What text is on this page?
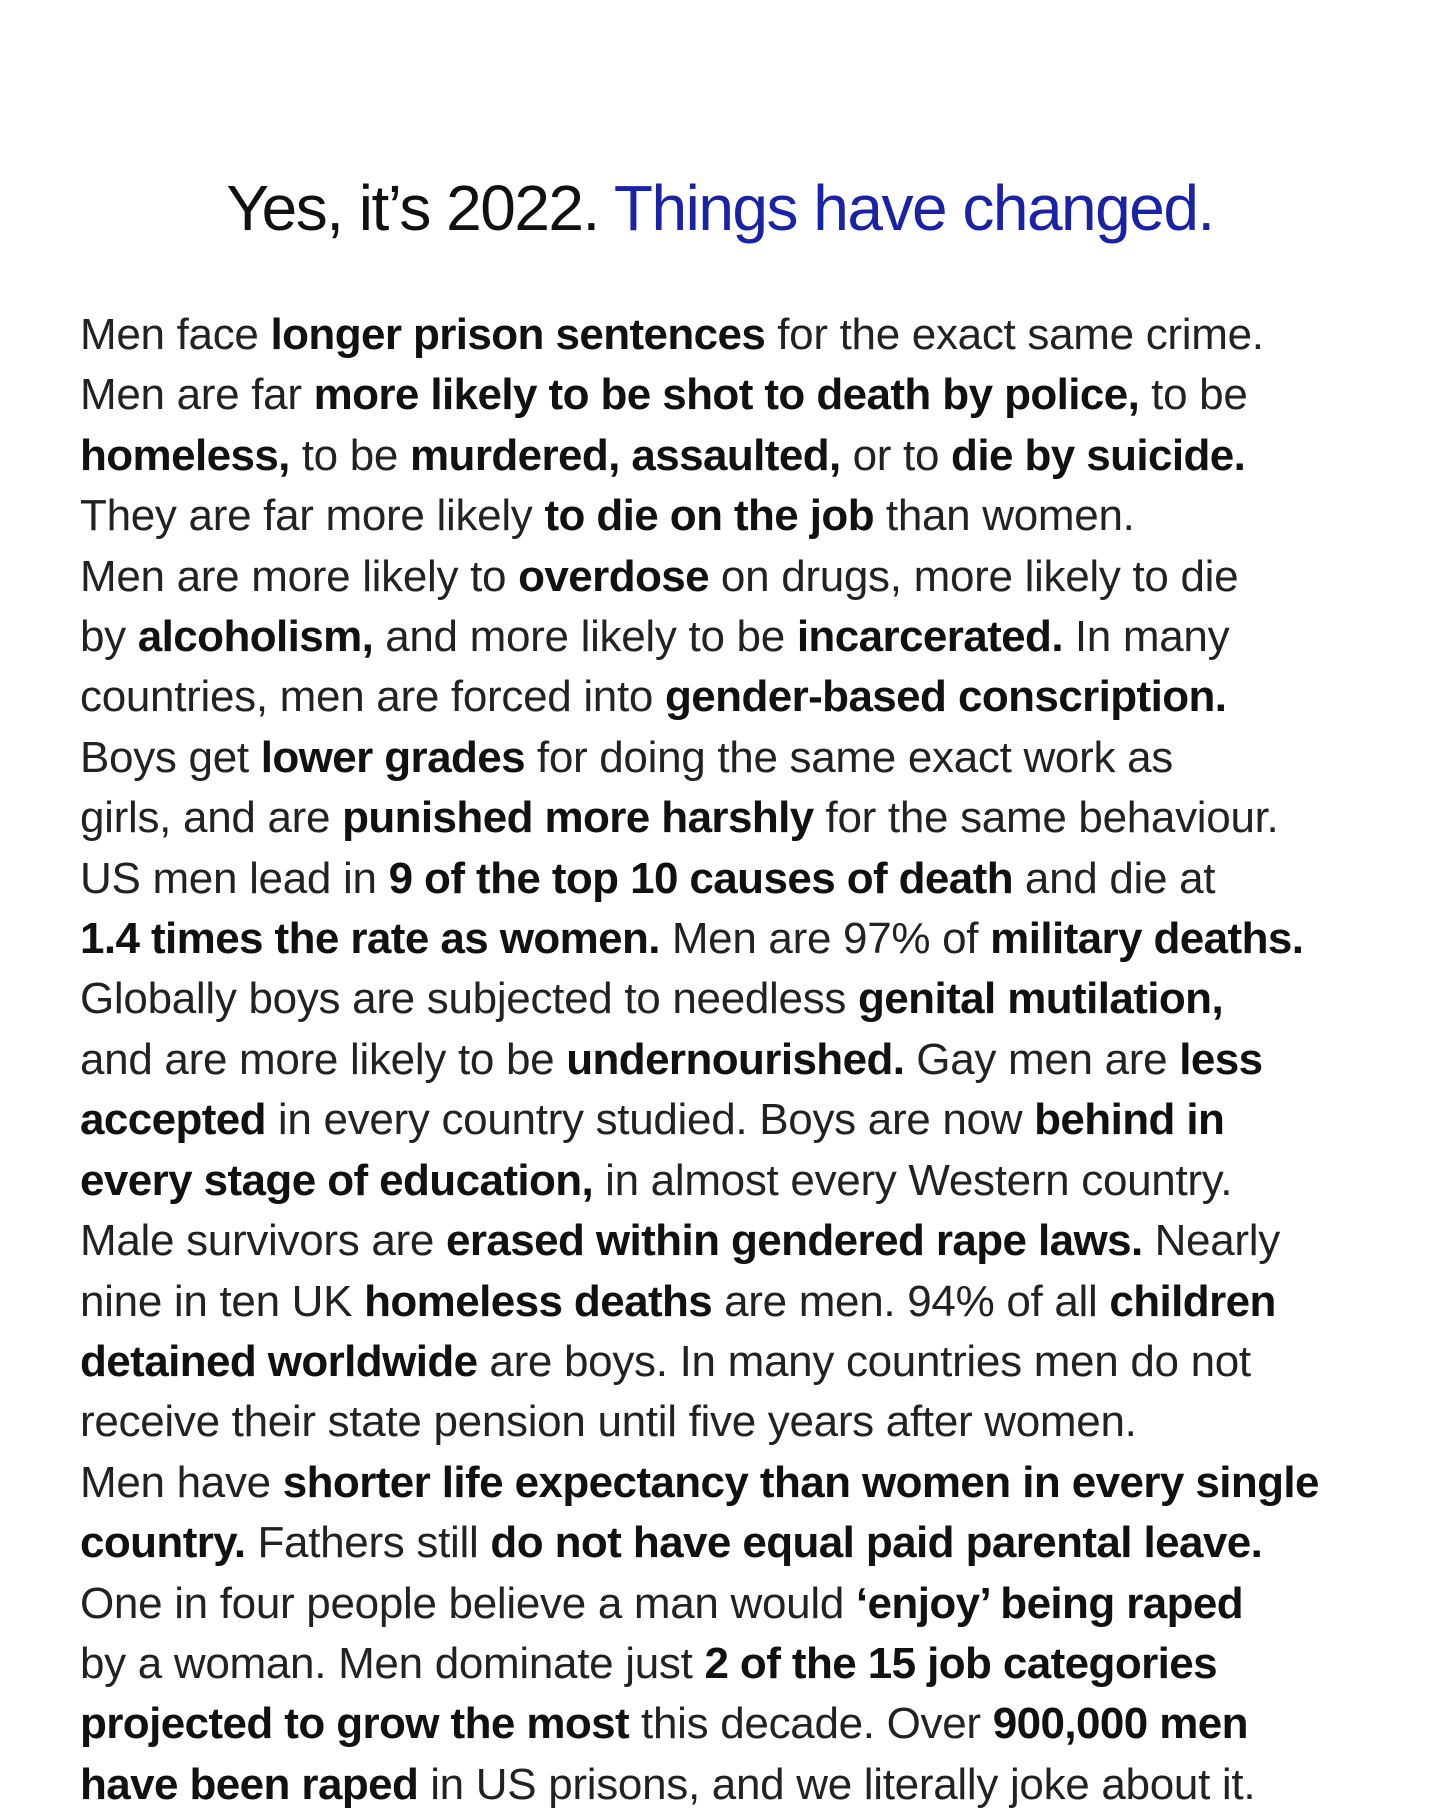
Yes, it’s 2022. Things have changed.
Men face longer prison sentences for the exact same crime.
Men are far more likely to be shot to death by police, to be
homeless, to be murdered, assaulted, or to die by suicide.
They are far more likely to die on the job than women.
Men are more likely to overdose on drugs, more likely to die
by alcoholism, and more likely to be incarcerated. In many
countries, men are forced into gender-based conscription.
Boys get lower grades for doing the same exact work as
girls, and are punished more harshly for the same behaviour.
US men lead in 9 of the top 10 causes of death and die at
1.4 times the rate as women. Men are 97% of military deaths.
Globally boys are subjected to needless genital mutilation,
and are more likely to be undernourished. Gay men are less
accepted in every country studied. Boys are now behind in
every stage of education, in almost every Western country.
Male survivors are erased within gendered rape laws. Nearly
nine in ten UK homeless deaths are men. 94% of all children
detained worldwide are boys. In many countries men do not
receive their state pension until five years after women.
Men have shorter life expectancy than women in every single
country. Fathers still do not have equal paid parental leave.
One in four people believe a man would ‘enjoy’ being raped
by a woman. Men dominate just 2 of the 15 job categories
projected to grow the most this decade. Over 900,000 men
have been raped in US prisons, and we literally joke about it.
